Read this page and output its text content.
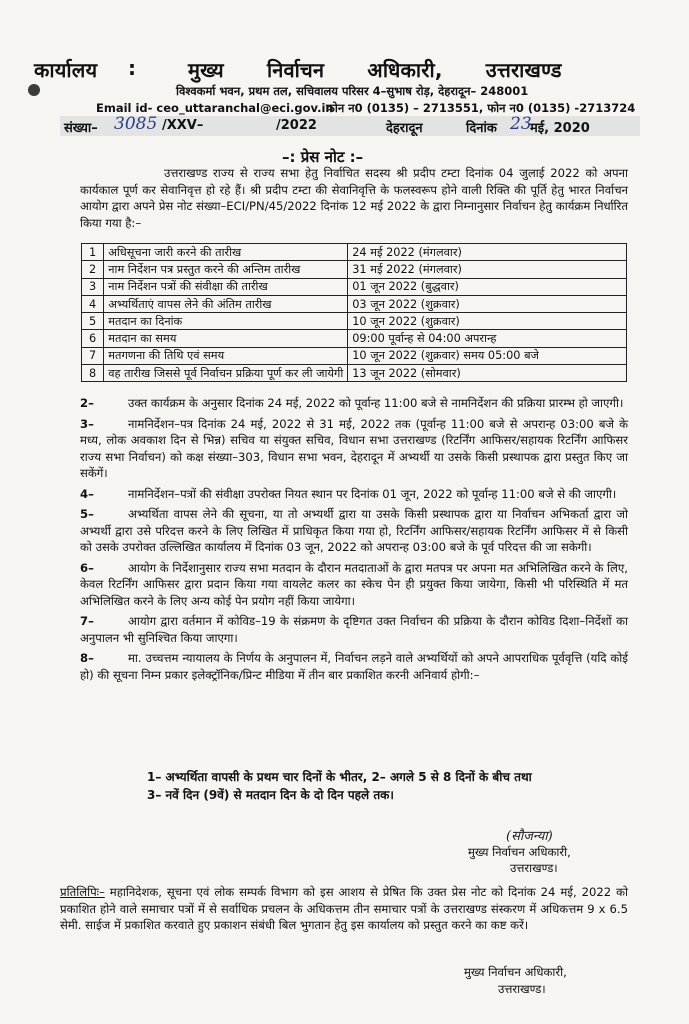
कार्यालय :	मुख्य निर्वाचन अधिकारी, उत्तराखण्ड
विश्वकर्मा भवन, प्रथम तल, सचिवालय परिसर 4–सुभाष रोड़, देहरादून– 248001
Email id- ceo_uttaranchal@eci.gov.in
फोन न0 (0135) – 2713551, फोन न0 (0135) -2713724
संख्या– 3085 /XXV–	/2022	देहरादून	दिनांक 23
मई, 2020
–: प्रेस नोट :–
उत्तराखण्ड राज्य से राज्य सभा हेतु निर्वाचित सदस्य श्री प्रदीप टम्टा दिनांक 04 जुलाई 2022 को अपना कार्यकाल पूर्ण कर सेवानिवृत्त हो रहे हैं। श्री प्रदीप टम्टा की सेवानिवृत्ति के फलस्वरूप होने वाली रिक्ति की पूर्ति हेतु भारत निर्वाचन आयोग द्वारा अपने प्रेस नोट संख्या–ECI/PN/45/2022 दिनांक 12 मई 2022 के द्वारा निम्नानुसार निर्वाचन हेतु कार्यक्रम निर्धारित किया गया है:–
1	अधिसूचना जारी करने की तारीख	24 मई 2022 (मंगलवार)
2	नाम निर्देशन पत्र प्रस्तुत करने की अन्तिम तारीख	31 मई 2022 (मंगलवार)
3	नाम निर्देशन पत्रों की संवीक्षा की तारीख	01 जून 2022 (बुद्धवार)
4	अभ्यर्थिताएं वापस लेने की अंतिम तारीख	03 जून 2022 (शुक्रवार)
5	मतदान का दिनांक	10 जून 2022 (शुक्रवार)
6	मतदान का समय	09:00 पूर्वान्ह से 04:00 अपरान्ह
7	मतगणना की तिथि एवं समय	10 जून 2022 (शुक्रवार) समय 05:00 बजे
8	वह तारीख जिससे पूर्व निर्वाचन प्रक्रिया पूर्ण कर ली जायेगी	13 जून 2022 (सोमवार)

2–	उक्त कार्यक्रम के अनुसार दिनांक 24 मई, 2022 को पूर्वान्ह 11:00 बजे से नामनिर्देशन की प्रक्रिया प्रारम्भ हो जाएगी।

3–	नामनिर्देशन–पत्र दिनांक 24 मई, 2022 से 31 मई, 2022 तक (पूर्वान्ह 11:00 बजे से अपरान्ह 03:00 बजे के मध्य, लोक अवकाश दिन से भिन्न) सचिव या संयुक्त सचिव, विधान सभा उत्तराखण्ड (रिटर्निंग आफिसर/सहायक रिटर्निंग आफिसर राज्य सभा निर्वाचन) को कक्ष संख्या–303, विधान सभा भवन, देहरादून में अभ्यर्थी या उसके किसी प्रस्थापक द्वारा प्रस्तुत किए जा सकेंगें।

4–	नामनिर्देशन–पत्रों की संवीक्षा उपरोक्त नियत स्थान पर दिनांक 01 जून, 2022 को पूर्वान्ह 11:00 बजे से की जाएगी।

5–	अभ्यर्थिता वापस लेने की सूचना, या तो अभ्यर्थी द्वारा या उसके किसी प्रस्थापक द्वारा या निर्वाचन अभिकर्ता द्वारा जो अभ्यर्थी द्वारा उसे परिदत्त करने के लिए लिखित में प्राधिकृत किया गया हो, रिटर्निंग आफिसर/सहायक रिटर्निंग आफिसर में से किसी को उसके उपरोक्त उल्लिखित कार्यालय में दिनांक 03 जून, 2022 को अपरान्ह 03:00 बजे के पूर्व परिदत्त की जा सकेगी।

6–	आयोग के निर्देशानुसार राज्य सभा मतदान के दौरान मतदाताओं के द्वारा मतपत्र पर अपना मत अभिलिखित करने के लिए, केवल रिटर्निंग आफिसर द्वारा प्रदान किया गया वायलेट कलर का स्केच पेन ही प्रयुक्त किया जायेगा, किसी भी परिस्थिति में मत अभिलिखित करने के लिए अन्य कोई पेन प्रयोग नहीं किया जायेगा।

7–	आयोग द्वारा वर्तमान में कोविड–19 के संक्रमण के दृष्टिगत उक्त निर्वाचन की प्रक्रिया के दौरान कोविड दिशा–निर्देशों का अनुपालन भी सुनिश्चित किया जाएगा।

8–	मा. उच्चत्तम न्यायालय के निर्णय के अनुपालन में, निर्वाचन लड़ने वाले अभ्यर्थियों को अपने आपराधिक पूर्ववृत्ति (यदि कोई हो) की सूचना निम्न प्रकार इलेक्ट्रॉनिक/प्रिन्ट मीडिया में तीन बार प्रकाशित करनी अनिवार्य होगी:–

1– अभ्यर्थिता वापसी के प्रथम चार दिनों के भीतर, 2– अगले 5 से 8 दिनों के बीच तथा
3– नवें दिन (9वें) से मतदान दिन के दो दिन पहले तक।
(सौजन्या)
मुख्य निर्वाचन अधिकारी,
उत्तराखण्ड।
प्रतिलिपिः– महानिदेशक, सूचना एवं लोक सम्पर्क विभाग को इस आशय से प्रेषित कि उक्त प्रेस नोट को दिनांक 24 मई, 2022 को प्रकाशित होने वाले समाचार पत्रों में से सर्वाधिक प्रचलन के अधिकत्तम तीन समाचार पत्रों के उत्तराखण्ड संस्करण में अधिकत्तम 9 x 6.5 सेमी. साईज में प्रकाशित करवाते हुए प्रकाशन संबंधी बिल भुगतान हेतु इस कार्यालय को प्रस्तुत करने का कष्ट करें।
मुख्य निर्वाचन अधिकारी,
उत्तराखण्ड।
